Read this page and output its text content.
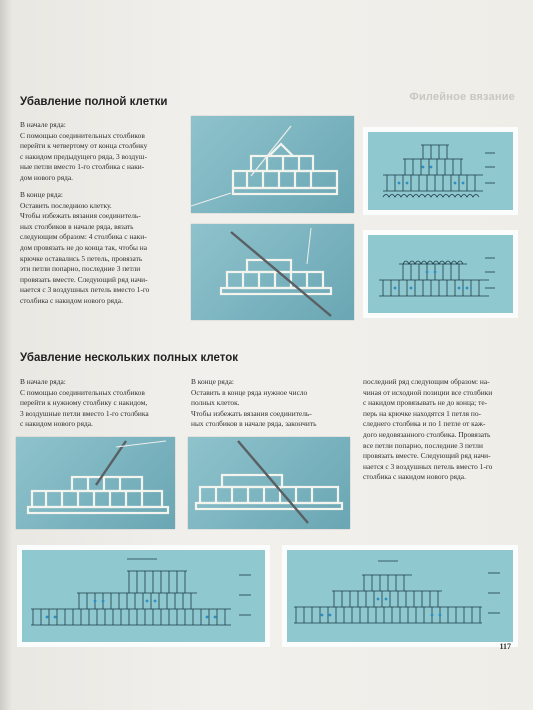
Филейное вязание
Убавление полной клетки
В начале ряда:
С помощью соединительных столбиков
перейти к четвертому от конца столбику
с накидом предыдущего ряда, 3 воздуш-
ные петли вместо 1-го столбика с наки-
дом нового ряда.
В конце ряда:
Оставить последнюю клетку.
Чтобы избежать вязания соединитель-
ных столбиков в начале ряда, вязать
следующим образом: 4 столбика с наки-
дом провязать не до конца так, чтобы на
крючке оставались 5 петель, провязать
эти петли попарно, последние 3 петли
провязать вместе. Следующий ряд начи-
нается с 3 воздушных петель вместо 1-го
столбика с накидом нового ряда.
Убавление нескольких полных клеток
В начале ряда:
С помощью соединительных столбиков
перейти к нужному столбику с накидом,
3 воздушные петли вместо 1-го столбика
с накидом нового ряда.
В конце ряда:
Оставить в конце ряда нужное число
полных клеток.
Чтобы избежать вязания соединитель-
ных столбиков в начале ряда, закончить
последний ряд следующим образом: на-
чиная от исходной позиции все столбики
с накидом провязывать не до конца; те-
перь на крючке находятся 1 петля по-
следнего столбика и по 1 петле от каж-
дого недовязанного столбика. Провязать
все петли попарно, последние 3 петли
провязать вместе. Следующий ряд начи-
нается с 3 воздушных петель вместо 1-го
столбика с накидом нового ряда.
117
